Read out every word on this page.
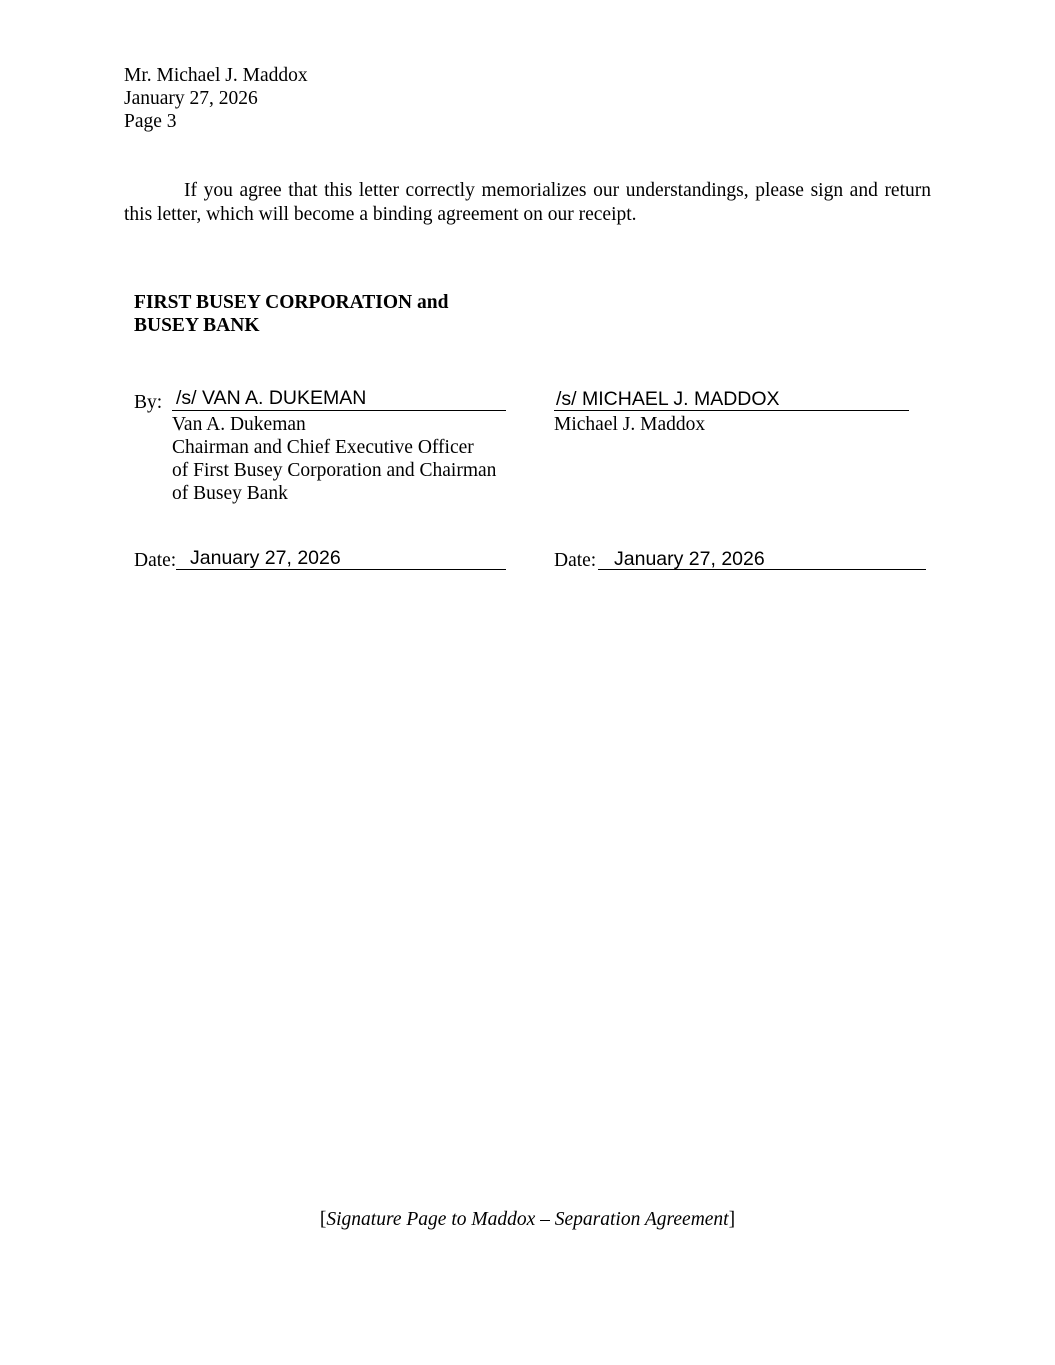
Mr. Michael J. Maddox
January 27, 2026
Page 3
If you agree that this letter correctly memorializes our understandings, please sign and return this letter, which will become a binding agreement on our receipt.
FIRST BUSEY CORPORATION and
BUSEY BANK
By: /s/ VAN A. DUKEMAN
Van A. Dukeman
Chairman and Chief Executive Officer
of First Busey Corporation and Chairman
of Busey Bank
Date: January 27, 2026
/s/ MICHAEL J. MADDOX
Michael J. Maddox
Date: January 27, 2026
[Signature Page to Maddox – Separation Agreement]
